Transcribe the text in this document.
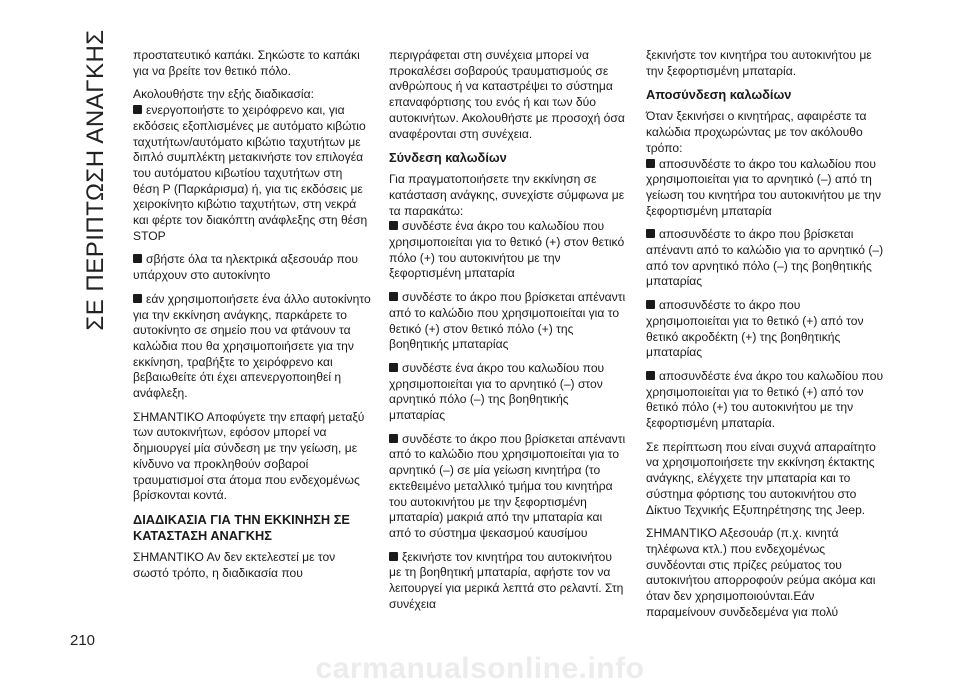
ΣΕ ΠΕΡΙΠΤΩΣΗ ΑΝΑΓΚΗΣ
210

προστατευτικό καπάκι. Σηκώστε το καπάκι για να βρείτε τον θετικό πόλο.

Ακολουθήστε την εξής διαδικασία:

ενεργοποιήστε το χειρόφρενο και, για εκδόσεις εξοπλισμένες με αυτόματο κιβώτιο ταχυτήτων/αυτόματο κιβώτιο ταχυτήτων με διπλό συμπλέκτη μετακινήστε τον επιλογέα του αυτόματου κιβωτίου ταχυτήτων στη θέση P (Παρκάρισμα) ή, για τις εκδόσεις με χειροκίνητο κιβώτιο ταχυτήτων, στη νεκρά και φέρτε τον διακόπτη ανάφλεξης στη θέση STOP

σβήστε όλα τα ηλεκτρικά αξεσουάρ που υπάρχουν στο αυτοκίνητο

εάν χρησιμοποιήσετε ένα άλλο αυτοκίνητο για την εκκίνηση ανάγκης, παρκάρετε το αυτοκίνητο σε σημείο που να φτάνουν τα καλώδια που θα χρησιμοποιήσετε για την εκκίνηση, τραβήξτε το χειρόφρενο και βεβαιωθείτε ότι έχει απενεργοποιηθεί η ανάφλεξη.

ΣΗΜΑΝΤΙΚΟ Αποφύγετε την επαφή μεταξύ των αυτοκινήτων, εφόσον μπορεί να δημιουργεί μία σύνδεση με την γείωση, με κίνδυνο να προκληθούν σοβαροί τραυματισμοί στα άτομα που ενδεχομένως βρίσκονται κοντά.

ΔΙΑΔΙΚΑΣΙΑ ΓΙΑ ΤΗΝ ΕΚΚΙΝΗΣΗ ΣΕ ΚΑΤΑΣΤΑΣΗ ΑΝΑΓΚΗΣ

ΣΗΜΑΝΤΙΚΟ Αν δεν εκτελεστεί με τον σωστό τρόπο, η διαδικασία που

περιγράφεται στη συνέχεια μπορεί να προκαλέσει σοβαρούς τραυματισμούς σε ανθρώπους ή να καταστρέψει το σύστημα επαναφόρτισης του ενός ή και των δύο αυτοκινήτων. Ακολουθήστε με προσοχή όσα αναφέρονται στη συνέχεια.

Σύνδεση καλωδίων

Για πραγματοποιήσετε την εκκίνηση σε κατάσταση ανάγκης, συνεχίστε σύμφωνα με τα παρακάτω:

συνδέστε ένα άκρο του καλωδίου που χρησιμοποιείται για το θετικό (+) στον θετικό πόλο (+) του αυτοκινήτου με την ξεφορτισμένη μπαταρία

συνδέστε το άκρο που βρίσκεται απέναντι από το καλώδιο που χρησιμοποιείται για το θετικό (+) στον θετικό πόλο (+) της βοηθητικής μπαταρίας

συνδέστε ένα άκρο του καλωδίου που χρησιμοποιείται για το αρνητικό (–) στον αρνητικό πόλο (–) της βοηθητικής μπαταρίας

συνδέστε το άκρο που βρίσκεται απέναντι από το καλώδιο που χρησιμοποιείται για το αρνητικό (–) σε μία γείωση κινητήρα (το εκτεθειμένο μεταλλικό τμήμα του κινητήρα του αυτοκινήτου με την ξεφορτισμένη μπαταρία) μακριά από την μπαταρία και από το σύστημα ψεκασμού καυσίμου

ξεκινήστε τον κινητήρα του αυτοκινήτου με τη βοηθητική μπαταρία, αφήστε τον να λειτουργεί για μερικά λεπτά στο ρελαντί. Στη συνέχεια

ξεκινήστε τον κινητήρα του αυτοκινήτου με την ξεφορτισμένη μπαταρία.

Αποσύνδεση καλωδίων

Όταν ξεκινήσει ο κινητήρας, αφαιρέστε τα καλώδια προχωρώντας με τον ακόλουθο τρόπο:

αποσυνδέστε το άκρο του καλωδίου που χρησιμοποιείται για το αρνητικό (–) από τη γείωση του κινητήρα του αυτοκινήτου με την ξεφορτισμένη μπαταρία

αποσυνδέστε το άκρο που βρίσκεται απέναντι από το καλώδιο για το αρνητικό (–) από τον αρνητικό πόλο (–) της βοηθητικής μπαταρίας

αποσυνδέστε το άκρο που χρησιμοποιείται για το θετικό (+) από τον θετικό ακροδέκτη (+) της βοηθητικής μπαταρίας

αποσυνδέστε ένα άκρο του καλωδίου που χρησιμοποιείται για το θετικό (+) από τον θετικό πόλο (+) του αυτοκινήτου με την ξεφορτισμένη μπαταρία.

Σε περίπτωση που είναι συχνά απαραίτητο να χρησιμοποιήσετε την εκκίνηση έκτακτης ανάγκης, ελέγχετε την μπαταρία και το σύστημα φόρτισης του αυτοκινήτου στο Δίκτυο Τεχνικής Εξυπηρέτησης της Jeep.

ΣΗΜΑΝΤΙΚΟ Αξεσουάρ (π.χ. κινητά τηλέφωνα κτλ.) που ενδεχομένως συνδέονται στις πρίζες ρεύματος του αυτοκινήτου απορροφούν ρεύμα ακόμα και όταν δεν χρησιμοποιούνται.Εάν παραμείνουν συνδεδεμένα για πολύ

carmanualsonline.info
